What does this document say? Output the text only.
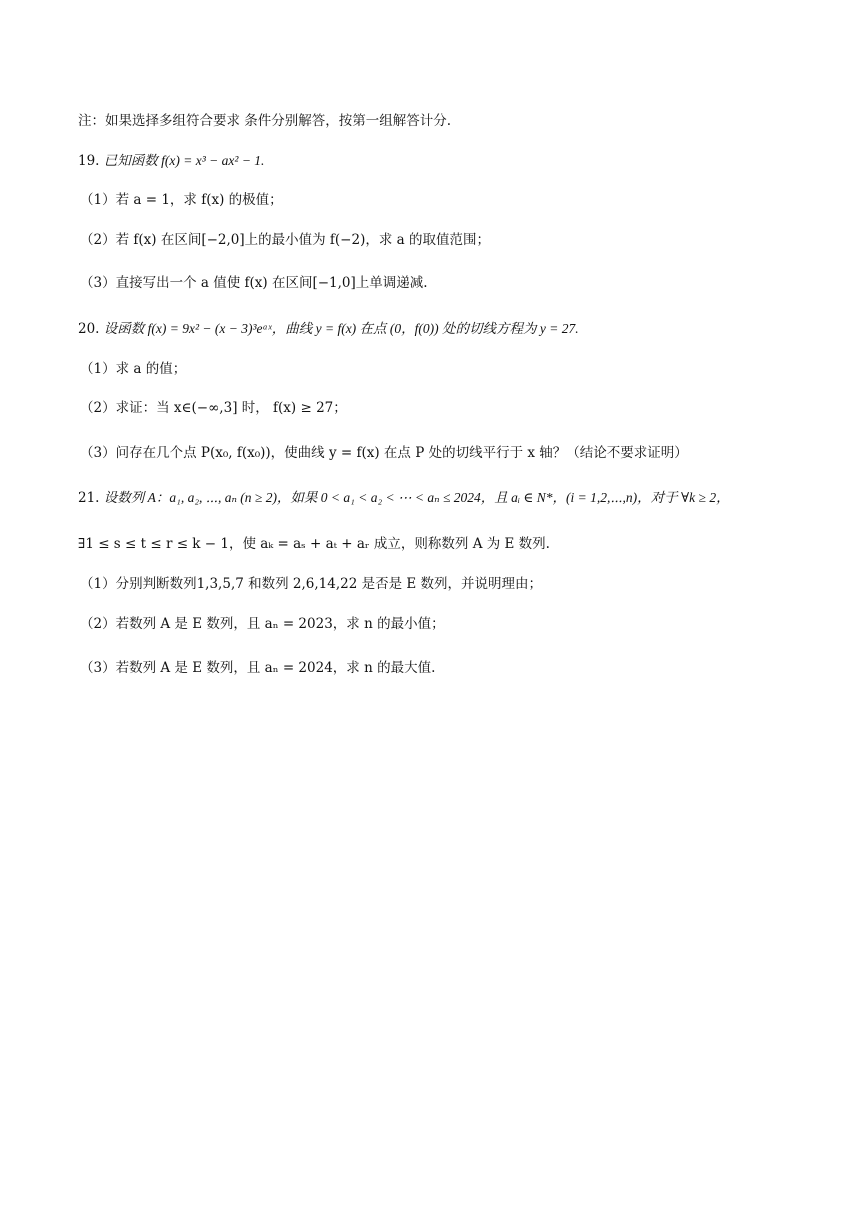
注：如果选择多组符合要求 条件分别解答，按第一组解答计分.
19. 已知函数 f(x) = x³ − ax² − 1.
（1）若 a = 1，求 f(x) 的极值；
（2）若 f(x) 在区间[−2,0]上的最小值为 f(−2)，求 a 的取值范围；
（3）直接写出一个 a 值使 f(x) 在区间[−1,0]上单调递减.
20. 设函数 f(x) = 9x² − (x − 3)³eᵃˣ，曲线 y = f(x) 在点 (0，f(0)) 处的切线方程为 y = 27.
（1）求 a 的值；
（2）求证：当 x∈(−∞,3] 时， f(x) ≥ 27；
（3）问存在几个点 P(x₀, f(x₀))，使曲线 y = f(x) 在点 P 处的切线平行于 x 轴？（结论不要求证明）
21. 设数列 A：a₁, a₂, ⋯, aₙ (n ≥ 2)，如果 0 < a₁ < a₂ < ⋯ < aₙ ≤ 2024，且 aᵢ ∈ N*，(i = 1,2,⋯,n)，对于 ∀k ≥ 2，
∃1 ≤ s ≤ t ≤ r ≤ k − 1，使 aₖ = aₛ + aₜ + aᵣ 成立，则称数列 A 为 E 数列.
（1）分别判断数列1,3,5,7 和数列 2,6,14,22 是否是 E 数列，并说明理由；
（2）若数列 A 是 E 数列，且 aₙ = 2023，求 n 的最小值；
（3）若数列 A 是 E 数列，且 aₙ = 2024，求 n 的最大值.
